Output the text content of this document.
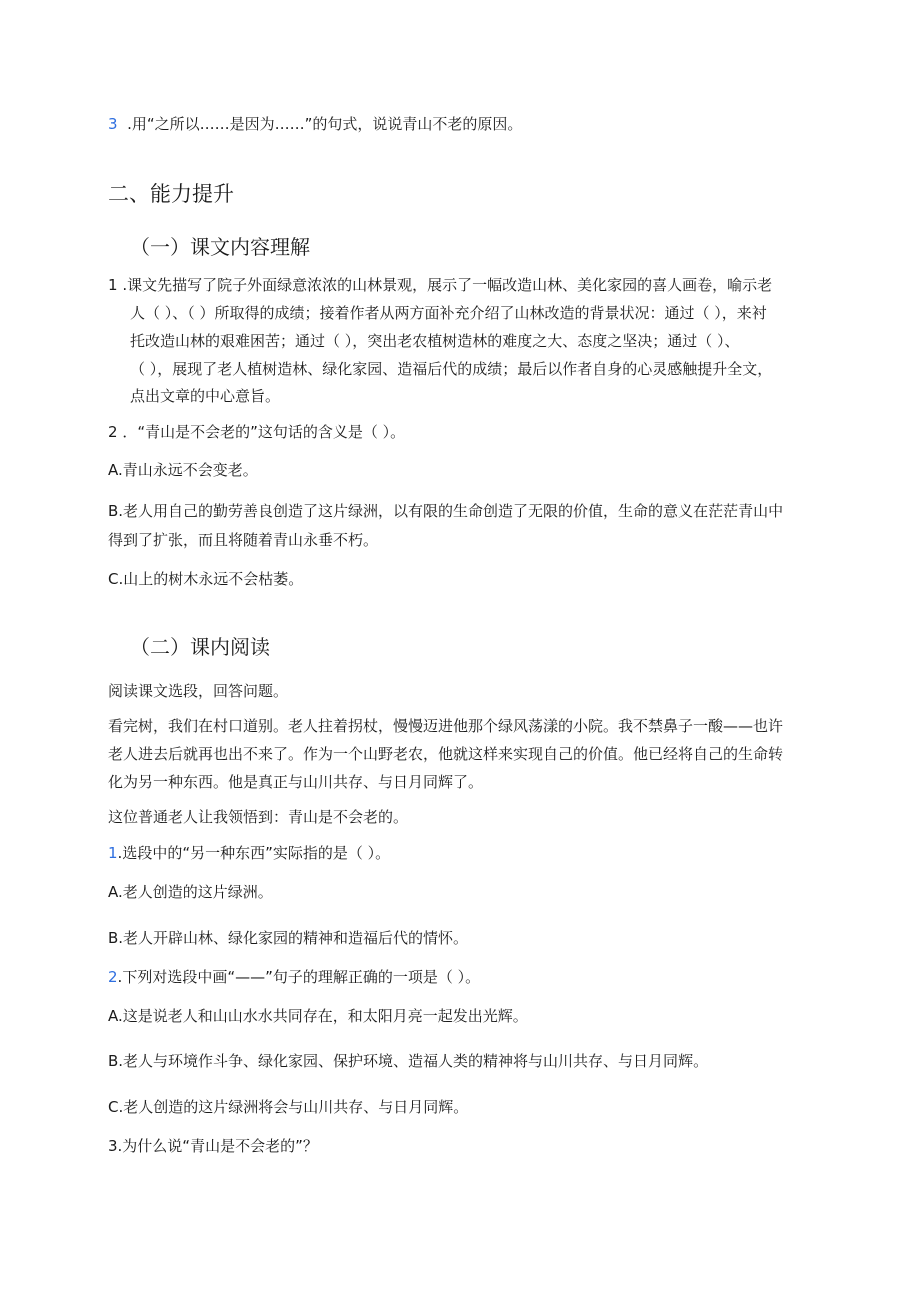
3 .用“之所以……是因为……”的句式，说说青山不老的原因。
二、能力提升
（一）课文内容理解
1 .课文先描写了院子外面绿意浓浓的山林景观，展示了一幅改造山林、美化家园的喜人画卷，喻示老
人（ ）、（ ）所取得的成绩；接着作者从两方面补充介绍了山林改造的背景状况：通过（ ），来衬
托改造山林的艰难困苦；通过（ ），突出老农植树造林的难度之大、态度之坚决；通过（ ）、
（ ），展现了老人植树造林、绿化家园、造福后代的成绩；最后以作者自身的心灵感触提升全文，
点出文章的中心意旨。
2 ．“青山是不会老的”这句话的含义是（ ）。
A.青山永远不会变老。
B.老人用自己的勤劳善良创造了这片绿洲，以有限的生命创造了无限的价值，生命的意义在茫茫青山中
得到了扩张，而且将随着青山永垂不朽。
C.山上的树木永远不会枯萎。
（二）课内阅读
阅读课文选段，回答问题。
看完树，我们在村口道别。老人拄着拐杖，慢慢迈进他那个绿风荡漾的小院。我不禁鼻子一酸——也许
老人进去后就再也出不来了。作为一个山野老农，他就这样来实现自己的价值。他已经将自己的生命转
化为另一种东西。他是真正与山川共存、与日月同辉了。
这位普通老人让我领悟到：青山是不会老的。
1.选段中的“另一种东西”实际指的是（ ）。
A.老人创造的这片绿洲。
B.老人开辟山林、绿化家园的精神和造福后代的情怀。
2.下列对选段中画“——”句子的理解正确的一项是（ ）。
A.这是说老人和山山水水共同存在，和太阳月亮一起发出光辉。
B.老人与环境作斗争、绿化家园、保护环境、造福人类的精神将与山川共存、与日月同辉。
C.老人创造的这片绿洲将会与山川共存、与日月同辉。
3.为什么说“青山是不会老的”？
